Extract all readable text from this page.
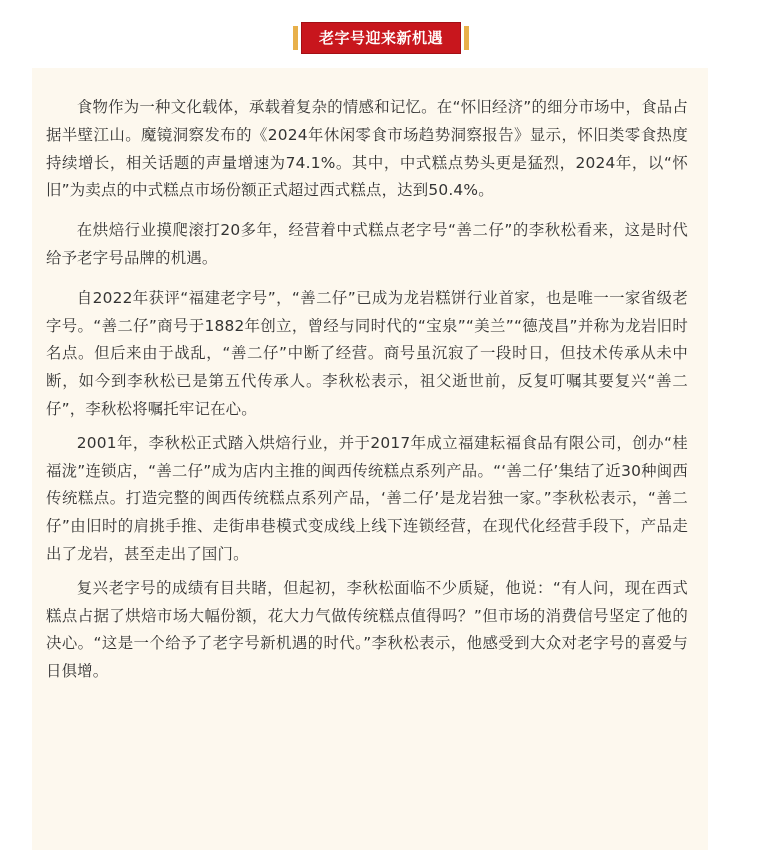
老字号迎来新机遇

食物作为一种文化载体，承载着复杂的情感和记忆。在“怀旧经济”的细分市场中，食品占据半壁江山。魔镜洞察发布的《2024年休闲零食市场趋势洞察报告》显示，怀旧类零食热度持续增长，相关话题的声量增速为74.1%。其中，中式糕点势头更是猛烈，2024年，以“怀旧”为卖点的中式糕点市场份额正式超过西式糕点，达到50.4%。

在烘焙行业摸爬滚打20多年，经营着中式糕点老字号“善二仔”的李秋松看来，这是时代给予老字号品牌的机遇。

自2022年获评“福建老字号”，“善二仔”已成为龙岩糕饼行业首家，也是唯一一家省级老字号。“善二仔”商号于1882年创立，曾经与同时代的“宝泉”“美兰”“德茂昌”并称为龙岩旧时名点。但后来由于战乱，“善二仔”中断了经营。商号虽沉寂了一段时日，但技术传承从未中断，如今到李秋松已是第五代传承人。李秋松表示，祖父逝世前，反复叮嘱其要复兴“善二仔”，李秋松将嘱托牢记在心。

2001年，李秋松正式踏入烘焙行业，并于2017年成立福建耘福食品有限公司，创办“桂福泷”连锁店，“善二仔”成为店内主推的闽西传统糕点系列产品。“‘善二仔’集结了近30种闽西传统糕点。打造完整的闽西传统糕点系列产品，‘善二仔’是龙岩独一家。”李秋松表示，“善二仔”由旧时的肩挑手推、走街串巷模式变成线上线下连锁经营，在现代化经营手段下，产品走出了龙岩，甚至走出了国门。

复兴老字号的成绩有目共睹，但起初，李秋松面临不少质疑，他说：“有人问，现在西式糕点占据了烘焙市场大幅份额，花大力气做传统糕点值得吗？”但市场的消费信号坚定了他的决心。“这是一个给予了老字号新机遇的时代。”李秋松表示，他感受到大众对老字号的喜爱与日俱增。
